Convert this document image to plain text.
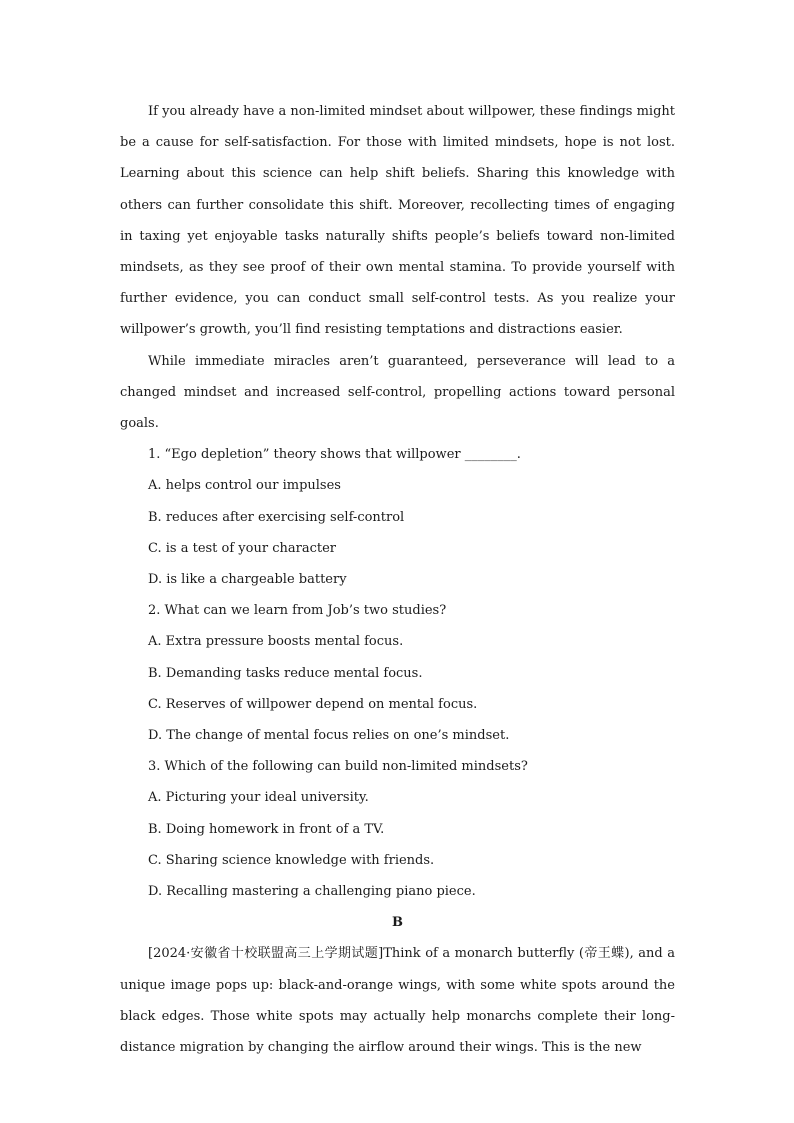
If you already have a non-limited mindset about willpower, these findings might be a cause for self-satisfaction. For those with limited mindsets, hope is not lost. Learning about this science can help shift beliefs. Sharing this knowledge with others can further consolidate this shift. Moreover, recollecting times of engaging in taxing yet enjoyable tasks naturally shifts people’s beliefs toward non-limited mindsets, as they see proof of their own mental stamina. To provide yourself with further evidence, you can conduct small self-control tests. As you realize your willpower’s growth, you’ll find resisting temptations and distractions easier.

While immediate miracles aren’t guaranteed, perseverance will lead to a changed mindset and increased self-control, propelling actions toward personal goals.

1. “Ego depletion” theory shows that willpower ________.

A. helps control our impulses

B. reduces after exercising self-control

C. is a test of your character

D. is like a chargeable battery

2. What can we learn from Job’s two studies?

A. Extra pressure boosts mental focus.

B. Demanding tasks reduce mental focus.

C. Reserves of willpower depend on mental focus.

D. The change of mental focus relies on one’s mindset.

3. Which of the following can build non-limited mindsets?

A. Picturing your ideal university.

B. Doing homework in front of a TV.

C. Sharing science knowledge with friends.

D. Recalling mastering a challenging piano piece.

B

[2024·安徽省十校联盟高三上学期试题]Think of a monarch butterfly (帝王蝶), and a unique image pops up: black-and-orange wings, with some white spots around the black edges. Those white spots may actually help monarchs complete their long-distance migration by changing the airflow around their wings. This is the new
